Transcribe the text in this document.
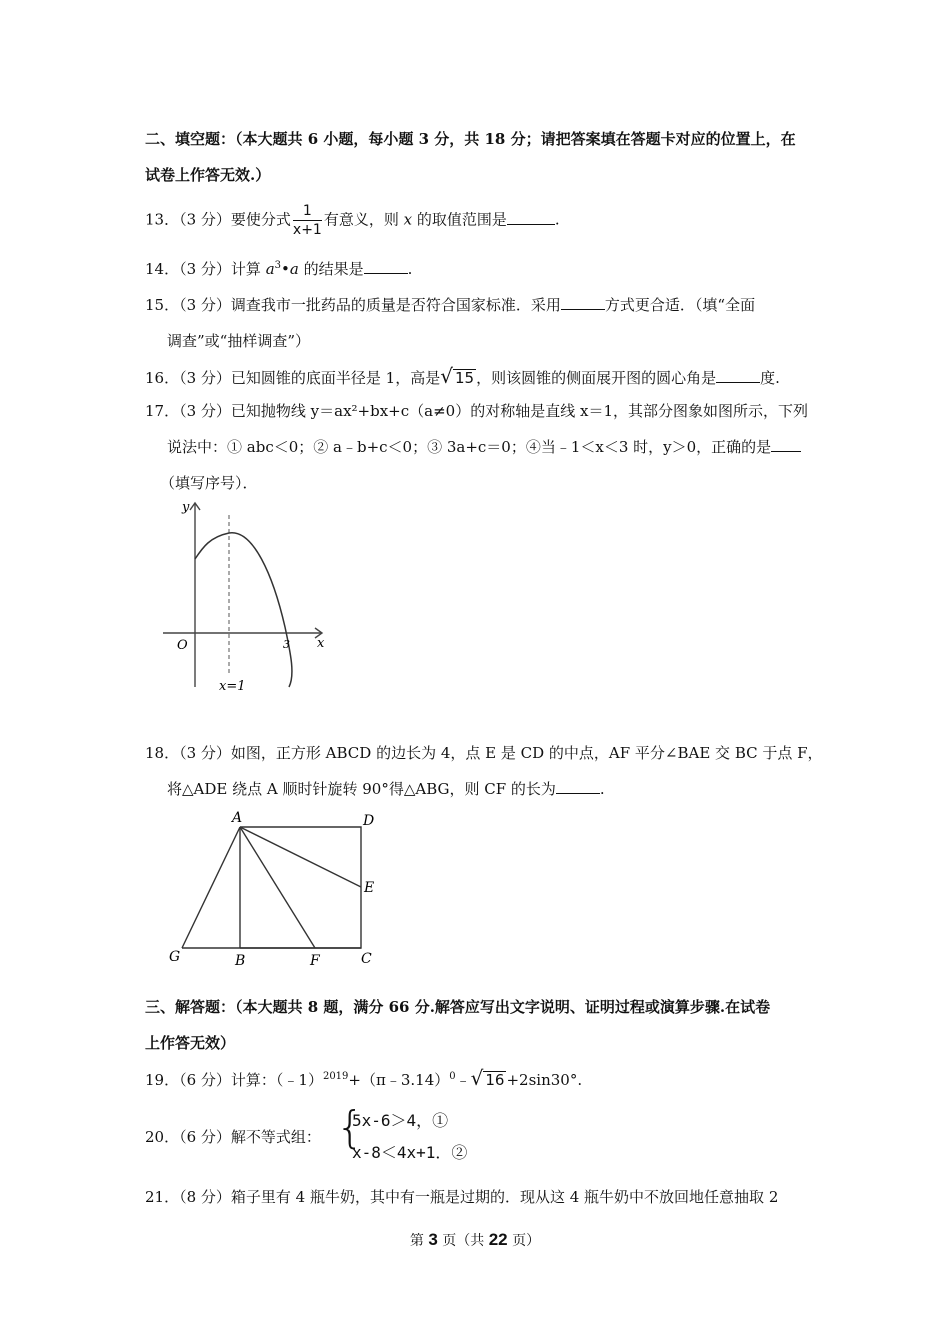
二、填空题：（本大题共 6 小题，每小题 3 分，共 18 分；请把答案填在答题卡对应的位置上，在
试卷上作答无效.）
13．（3 分）要使分式 $\frac{1}{x+1}$ 有意义，则 x 的取值范围是	.
14．（3 分）计算 $a^3•a$ 的结果是	.
15．（3 分）调查我市一批药品的质量是否符合国家标准．采用	方式更合适．（填“全面
调查”或“抽样调查”）
16．（3 分）已知圆锥的底面半径是 1，高是√ 15 ，则该圆锥的侧面展开图的圆心角是	度.
17．（3 分）已知抛物线 y＝ax²+bx+c（a≠0）的对称轴是直线 x＝1，其部分图象如图所示，下列
说法中：① abc＜0；② a﹣b+c＜0；③ 3a+c＝0；④当﹣1＜x＜3 时，y＞0，正确的是
（填写序号）．
y
x
O	3
x=1
18．（3 分）如图，正方形 ABCD 的边长为 4，点 E 是 CD 的中点，AF 平分∠BAE 交 BC 于点 F，
将△ADE 绕点 A 顺时针旋转 90°得△ABG，则 CF 的长为	.
A	D
E
C
F
B
G
三、解答题：（本大题共 8 题，满分 66 分.解答应写出文字说明、证明过程或演算步骤.在试卷
上作答无效）
19．（6 分）计算：（﹣1）$^{2019}$+（π﹣3.14）$^0$﹣√ 16 +2sin30°.
20．（6 分）解不等式组： {
5x-6＞4，①
x-8＜4x+1．②
21．（8 分）箱子里有 4 瓶牛奶，其中有一瓶是过期的．现从这 4 瓶牛奶中不放回地任意抽取 2
第 3 页（共 22 页）
